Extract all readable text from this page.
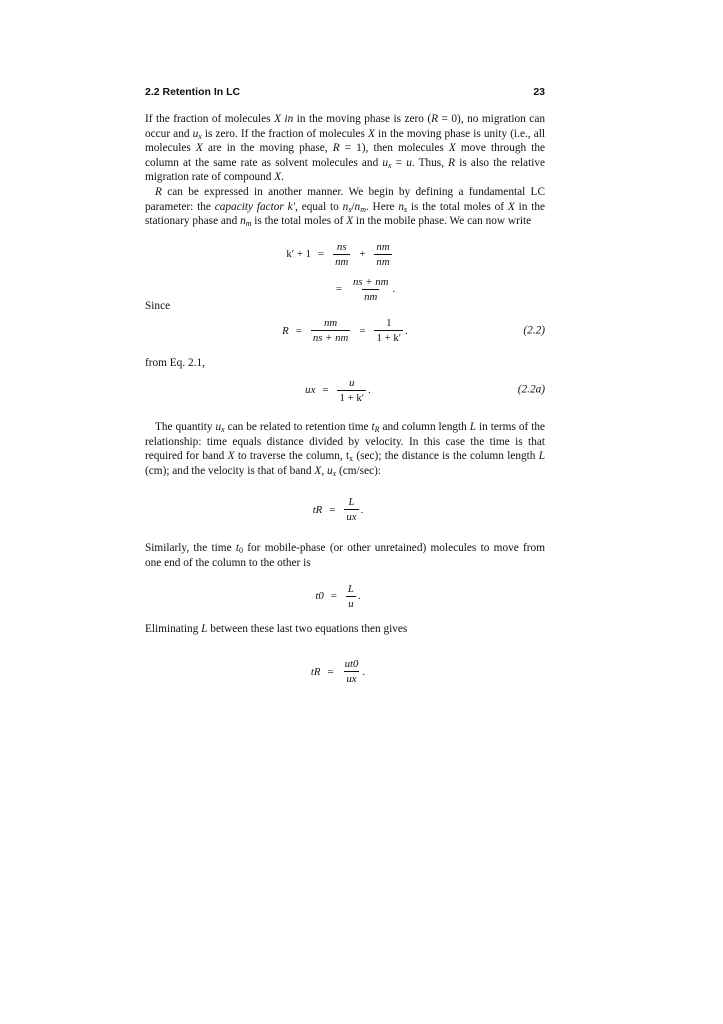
2.2 Retention In LC	23

If the fraction of molecules X in in the moving phase is zero (R = 0), no migration can occur and $u_x$ is zero. If the fraction of molecules X in the moving phase is unity (i.e., all molecules X are in the moving phase, R = 1), then molecules X move through the column at the same rate as solvent molecules and $u_x = u$. Thus, R is also the relative migration rate of compound X.

R can be expressed in another manner. We begin by defining a fundamental LC parameter: the capacity factor k', equal to $n_s/n_m$. Here $n_s$ is the total moles of X in the stationary phase and $n_m$ is the total moles of X in the mobile phase. We can now write

$k' + 1 = \frac{ns}{nm} + \frac{nm}{nm}$
= $\frac{ns + nm}{nm}$ .

Since

$R = \frac{nm}{ns + nm} = \frac{1}{1 + k'}$ .	(2.2)

from Eq. 2.1,

ux = $\frac{u}{1 + k'}$ .	(2.2a)

The quantity $u_x$ can be related to retention time $t_R$ and column length L in terms of the relationship: time equals distance divided by velocity. In this case the time is that required for band X to traverse the column, $t_x$ (sec); the distance is the column length L (cm); and the velocity is that of band X, $u_x$ (cm/sec):

tR = $\frac{L}{ux}$ .

Similarly, the time $t_0$ for mobile-phase (or other unretained) molecules to move from one end of the column to the other is

$t0 = \frac{L}{u}$ .

Eliminating L between these last two equations then gives

tR = $\frac{ut0}{ux}$ .
